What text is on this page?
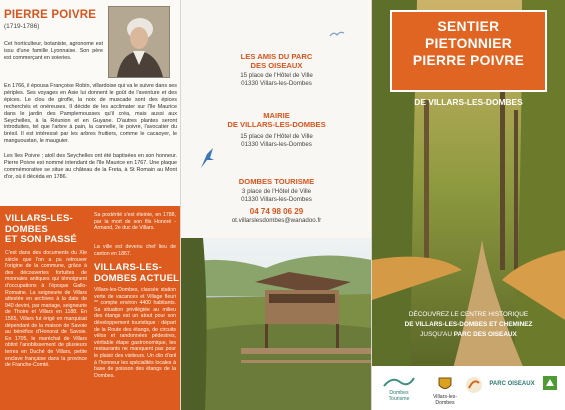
PIERRE POIVRE
(1719-1786)
Cet horticulteur, botaniste, agronome est issu d'une famille Lyonnaise. Son père est commerçant en soieries.
En 1766, il épousa Françoise Robin, villardoise qui va le suivre dans ses périples. Ses voyages en Asie lui donnent le goût de l'aventure et des épices. Le clou de girofle, la noix de muscade sont des épices recherchés et onéreuses. Il décide de les acclimater sur l'île Maurice dans le jardin des Pamplemousses qu'il créa, mais aussi aux Seychelles, à la Réunion et en Guyane. D'autres plantes seront introduites, tel que l'arbre à pain, la cannelle, le poivre, l'avocatier du brésil. Il est intéressé par les arbres fruitiers, comme le cacaoyer, le manguoustan, le mauguier.
Les îles Poivre ; atoll des Seychelles ont été baptisées en son honneur. Pierre Poivre est nommé intendant de l'île Maurice en 1767. Une plaque commémorative se situe au château de la Freta, à St Romain au Mont d'or, où il décéda en 1786.
VILLARS-LES-
DOMBES
ET SON PASSÉ
C'est dans des documents du XIe siècle que l'on a pu retrouver l'origine de la commune, grâce à des découvertes fortuites de monnaies antiques qui témoignent d'occupations à l'époque Gallo-Romaine. La seigneurie de Villars attestée en archives à la date de 940 devint, par mariage, seigneurie de Thoire et Villars en 1188. En 1565, Villars fut érigé en marquisat dépendant de la maison de Savoie au bénéfice d'Honorat de Savoie. En 1705, le maréchal de Villars obtint l'anoblissement de plusieurs terres en Duché de Villars, petite enclave française dans la province de Franche-Comté.
Sa postérité s'est éteinte, en 1788, par la mort de son fils Honoré - Armand, 2e duc de Villars.
La ville est devenu chef lieu de canton en 1867.
VILLARS-LES-
DOMBES ACTUEL
Villars-les-Dombes, classée station verte de vacances et Village fleuri ** compte environ 4400 habitants. Sa situation privilégiée au milieu des étangs est un atout pour son développement touristique : départ de la Route des étangs, de circuits vélos et randonnées pédestres, véritable étape gastronomique, les restaurants ne manquent pas pour le plaisir des visiteurs. Un clin d'œil à l'honneur les spécialités locales à base de poisson des étangs de la Dombes.
LES AMIS DU PARC
DES OISEAUX
15 place de l'Hôtel de Ville
01330 Villars-les-Dombes
MAIRIE
DE VILLARS-LES-DOMBES
15 place de l'Hôtel de Ville
01330 Villars-les-Dombes
DOMBES TOURISME
3 place de l'Hôtel de Ville
01330 Villars-les-Dombes
04 74 98 06 29
ot.villarslesdombes@wanadoo.fr
SENTIER
PIETONNIER
PIERRE POIVRE
DE VILLARS-LES-DOMBES
DÉCOUVREZ LE CENTRE HISTORIQUE
DE VILLARS-LES-DOMBES ET CHEMINEZ
JUSQU'AU PARC DES OISEAUX
Dombes Tourisme	Villars-les-Dombes
PARC OISEAUX
